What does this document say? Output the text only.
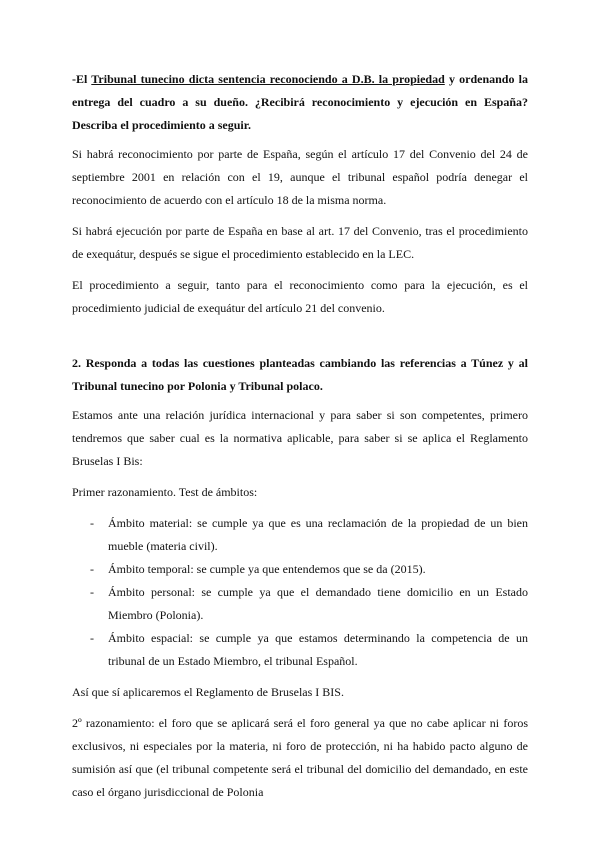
-El Tribunal tunecino dicta sentencia reconociendo a D.B. la propiedad y ordenando la entrega del cuadro a su dueño. ¿Recibirá reconocimiento y ejecución en España? Describa el procedimiento a seguir.

Si habrá reconocimiento por parte de España, según el artículo 17 del Convenio del 24 de septiembre 2001 en relación con el 19, aunque el tribunal español podría denegar el reconocimiento de acuerdo con el artículo 18 de la misma norma.

Si habrá ejecución por parte de España en base al art. 17 del Convenio, tras el procedimiento de exequátur, después se sigue el procedimiento establecido en la LEC.

El procedimiento a seguir, tanto para el reconocimiento como para la ejecución, es el procedimiento judicial de exequátur del artículo 21 del convenio.

2. Responda a todas las cuestiones planteadas cambiando las referencias a Túnez y al Tribunal tunecino por Polonia y Tribunal polaco.

Estamos ante una relación jurídica internacional y para saber si son competentes, primero tendremos que saber cual es la normativa aplicable, para saber si se aplica el Reglamento Bruselas I Bis:

Primer razonamiento. Test de ámbitos:

- Ámbito material: se cumple ya que es una reclamación de la propiedad de un bien mueble (materia civil).
- Ámbito temporal: se cumple ya que entendemos que se da (2015).
- Ámbito personal: se cumple ya que el demandado tiene domicilio en un Estado Miembro (Polonia).
- Ámbito espacial: se cumple ya que estamos determinando la competencia de un tribunal de un Estado Miembro, el tribunal Español.

Así que sí aplicaremos el Reglamento de Bruselas I BIS.

2º razonamiento: el foro que se aplicará será el foro general ya que no cabe aplicar ni foros exclusivos, ni especiales por la materia, ni foro de protección, ni ha habido pacto alguno de sumisión así que (el tribunal competente será el tribunal del domicilio del demandado, en este caso el órgano jurisdiccional de Polonia
